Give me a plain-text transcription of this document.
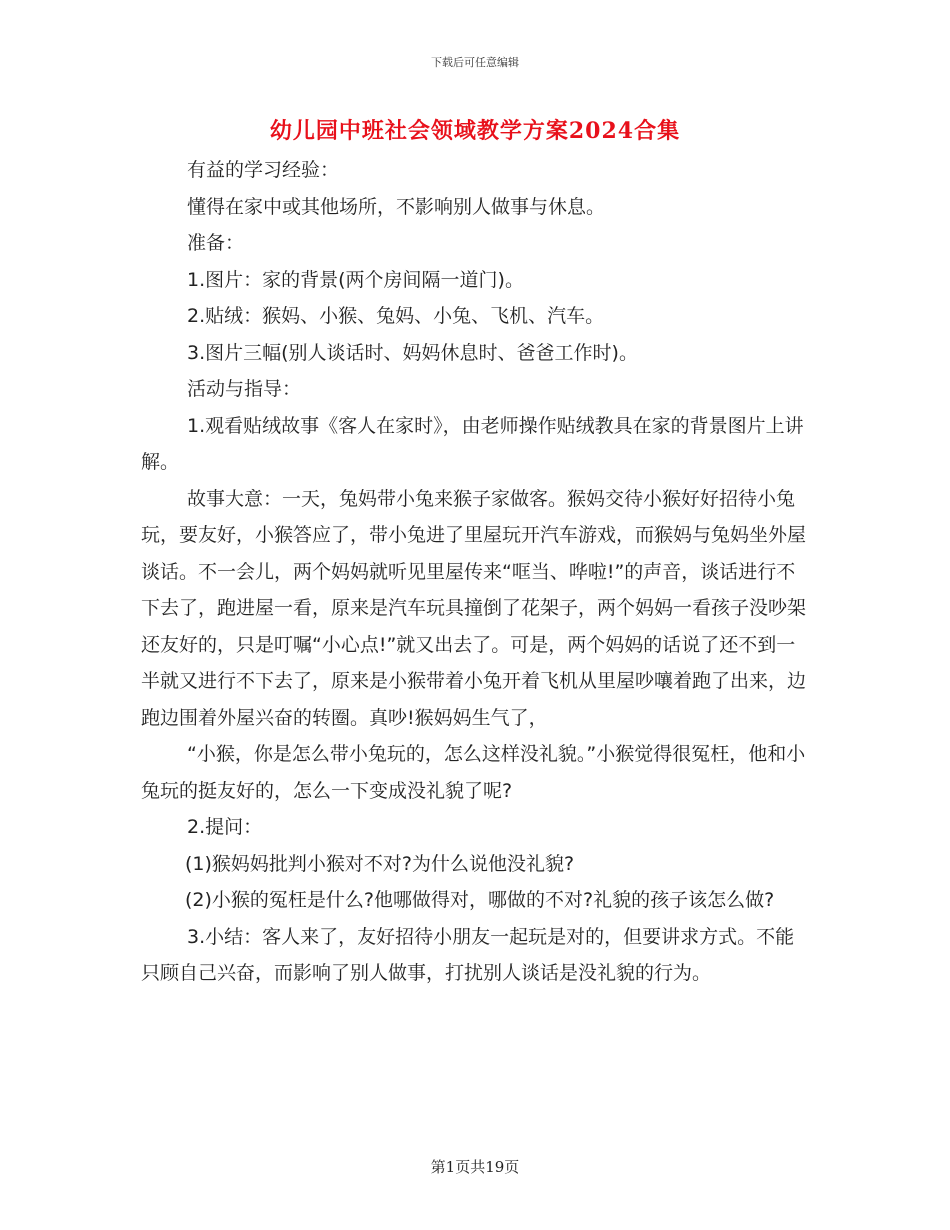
下载后可任意编辑
幼儿园中班社会领域教学方案2024合集

有益的学习经验：

懂得在家中或其他场所，不影响别人做事与休息。

准备：

1.图片：家的背景(两个房间隔一道门)。

2.贴绒：猴妈、小猴、兔妈、小兔、飞机、汽车。

3.图片三幅(别人谈话时、妈妈休息时、爸爸工作时)。

活动与指导：

1.观看贴绒故事《客人在家时》，由老师操作贴绒教具在家的背景图片上讲解。

故事大意：一天，兔妈带小兔来猴子家做客。猴妈交待小猴好好招待小兔玩，要友好，小猴答应了，带小兔进了里屋玩开汽车游戏，而猴妈与兔妈坐外屋谈话。不一会儿，两个妈妈就听见里屋传来“哐当、哗啦!”的声音，谈话进行不下去了，跑进屋一看，原来是汽车玩具撞倒了花架子，两个妈妈一看孩子没吵架还友好的，只是叮嘱“小心点!”就又出去了。可是，两个妈妈的话说了还不到一半就又进行不下去了，原来是小猴带着小兔开着飞机从里屋吵嚷着跑了出来，边跑边围着外屋兴奋的转圈。真吵!猴妈妈生气了，

“小猴，你是怎么带小兔玩的，怎么这样没礼貌。”小猴觉得很冤枉，他和小兔玩的挺友好的，怎么一下变成没礼貌了呢?

2.提问：

(1)猴妈妈批判小猴对不对?为什么说他没礼貌?

(2)小猴的冤枉是什么?他哪做得对，哪做的不对?礼貌的孩子该怎么做?

3.小结：客人来了，友好招待小朋友一起玩是对的，但要讲求方式。不能只顾自己兴奋，而影响了别人做事，打扰别人谈话是没礼貌的行为。

第1页共19页
